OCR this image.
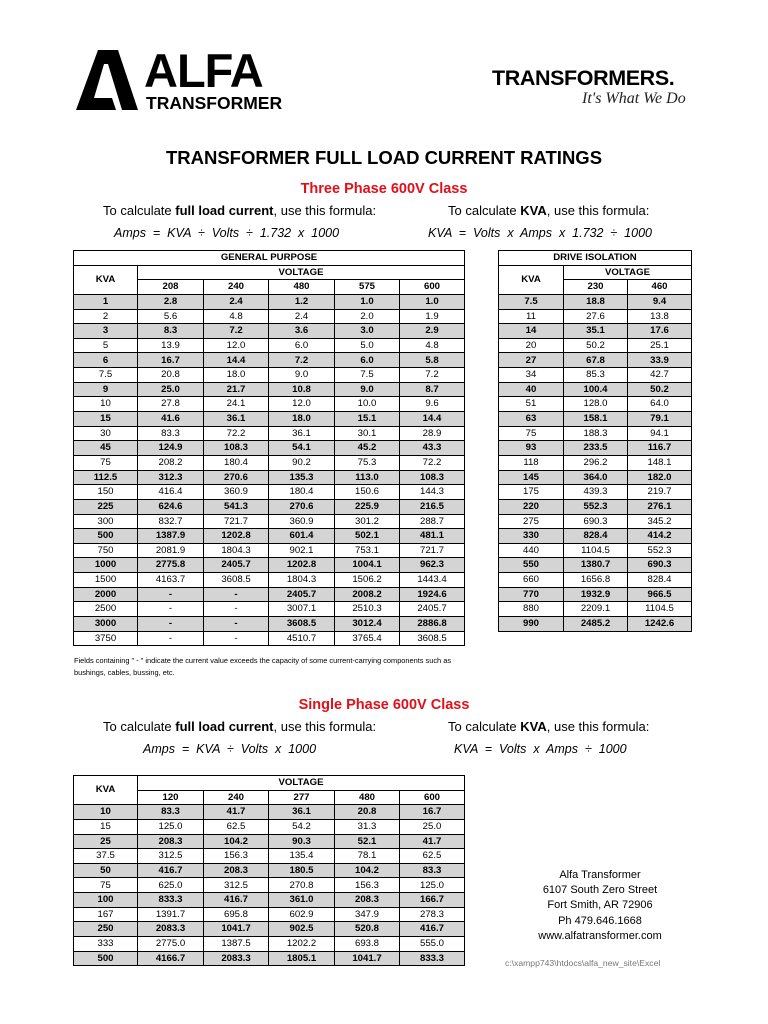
ALFA
TRANSFORMER
TRANSFORMERS.
It's What We Do
TRANSFORMER FULL LOAD CURRENT RATINGS
Three Phase 600V Class
To calculate full load current, use this formula:	To calculate KVA, use this formula:
Amps  =  KVA  ÷  Volts  ÷  1.732  x  1000	KVA  =  Volts  x  Amps  x  1.732  ÷  1000
GENERAL PURPOSE					
KVA	VOLTAGE				
	208	240	480	575	600
1	2.8	2.4	1.2	1.0	1.0
2	5.6	4.8	2.4	2.0	1.9
3	8.3	7.2	3.6	3.0	2.9
5	13.9	12.0	6.0	5.0	4.8
6	16.7	14.4	7.2	6.0	5.8
7.5	20.8	18.0	9.0	7.5	7.2
9	25.0	21.7	10.8	9.0	8.7
10	27.8	24.1	12.0	10.0	9.6
15	41.6	36.1	18.0	15.1	14.4
30	83.3	72.2	36.1	30.1	28.9
45	124.9	108.3	54.1	45.2	43.3
75	208.2	180.4	90.2	75.3	72.2
112.5	312.3	270.6	135.3	113.0	108.3
150	416.4	360.9	180.4	150.6	144.3
225	624.6	541.3	270.6	225.9	216.5
300	832.7	721.7	360.9	301.2	288.7
500	1387.9	1202.8	601.4	502.1	481.1
750	2081.9	1804.3	902.1	753.1	721.7
1000	2775.8	2405.7	1202.8	1004.1	962.3
1500	4163.7	3608.5	1804.3	1506.2	1443.4
2000	-	-	2405.7	2008.2	1924.6
2500	-	-	3007.1	2510.3	2405.7
3000	-	-	3608.5	3012.4	2886.8
3750	-	-	4510.7	3765.4	3608.5
DRIVE ISOLATION		
KVA	VOLTAGE	
	230	460
7.5	18.8	9.4
11	27.6	13.8
14	35.1	17.6
20	50.2	25.1
27	67.8	33.9
34	85.3	42.7
40	100.4	50.2
51	128.0	64.0
63	158.1	79.1
75	188.3	94.1
93	233.5	116.7
118	296.2	148.1
145	364.0	182.0
175	439.3	219.7
220	552.3	276.1
275	690.3	345.2
330	828.4	414.2
440	1104.5	552.3
550	1380.7	690.3
660	1656.8	828.4
770	1932.9	966.5
880	2209.1	1104.5
990	2485.2	1242.6
Fields containing " - " indicate the current value exceeds the capacity of some current-carrying components such as bushings, cables, bussing, etc.
Single Phase 600V Class
To calculate full load current, use this formula:	To calculate KVA, use this formula:
Amps  =  KVA  ÷  Volts  x  1000	KVA  =  Volts  x  Amps  ÷  1000
KVA	VOLTAGE				
	120	240	277	480	600
10	83.3	41.7	36.1	20.8	16.7
15	125.0	62.5	54.2	31.3	25.0
25	208.3	104.2	90.3	52.1	41.7
37.5	312.5	156.3	135.4	78.1	62.5
50	416.7	208.3	180.5	104.2	83.3
75	625.0	312.5	270.8	156.3	125.0
100	833.3	416.7	361.0	208.3	166.7
167	1391.7	695.8	602.9	347.9	278.3
250	2083.3	1041.7	902.5	520.8	416.7
333	2775.0	1387.5	1202.2	693.8	555.0
500	4166.7	2083.3	1805.1	1041.7	833.3
Alfa Transformer
6107 South Zero Street
Fort Smith, AR 72906
Ph 479.646.1668
www.alfatransformer.com
c:\xampp743\htdocs\alfa_new_site\Excel
